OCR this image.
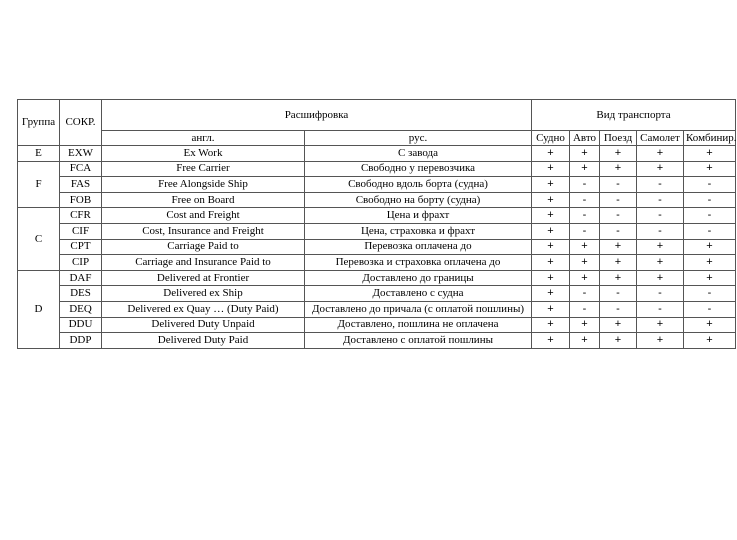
Группа	СОКР.	Расшифровка		Вид транспорта				
		англ.	рус.	Судно	Авто	Поезд	Самолет	Комбинир.
E	EXW	Ex Work	С завода	+	+	+	+	+
F	FCA	Free Carrier	Свободно у перевозчика	+	+	+	+	+
	FAS	Free Alongside Ship	Свободно вдоль борта (судна)	+	-	-	-	-
	FOB	Free on Board	Свободно на борту (судна)	+	-	-	-	-
C	CFR	Cost and Freight	Цена и фрахт	+	-	-	-	-
	CIF	Cost, Insurance and Freight	Цена, страховка и фрахт	+	-	-	-	-
	CPT	Carriage Paid to	Перевозка оплачена до	+	+	+	+	+
	CIP	Carriage and Insurance Paid to	Перевозка и страховка оплачена до	+	+	+	+	+
D	DAF	Delivered at Frontier	Доставлено до границы	+	+	+	+	+
	DES	Delivered ex Ship	Доставлено с судна	+	-	-	-	-
	DEQ	Delivered ex Quay … (Duty Paid)	Доставлено до причала (с оплатой пошлины)	+	-	-	-	-
	DDU	Delivered Duty Unpaid	Доставлено, пошлина не оплачена	+	+	+	+	+
	DDP	Delivered Duty Paid	Доставлено с оплатой пошлины	+	+	+	+	+
